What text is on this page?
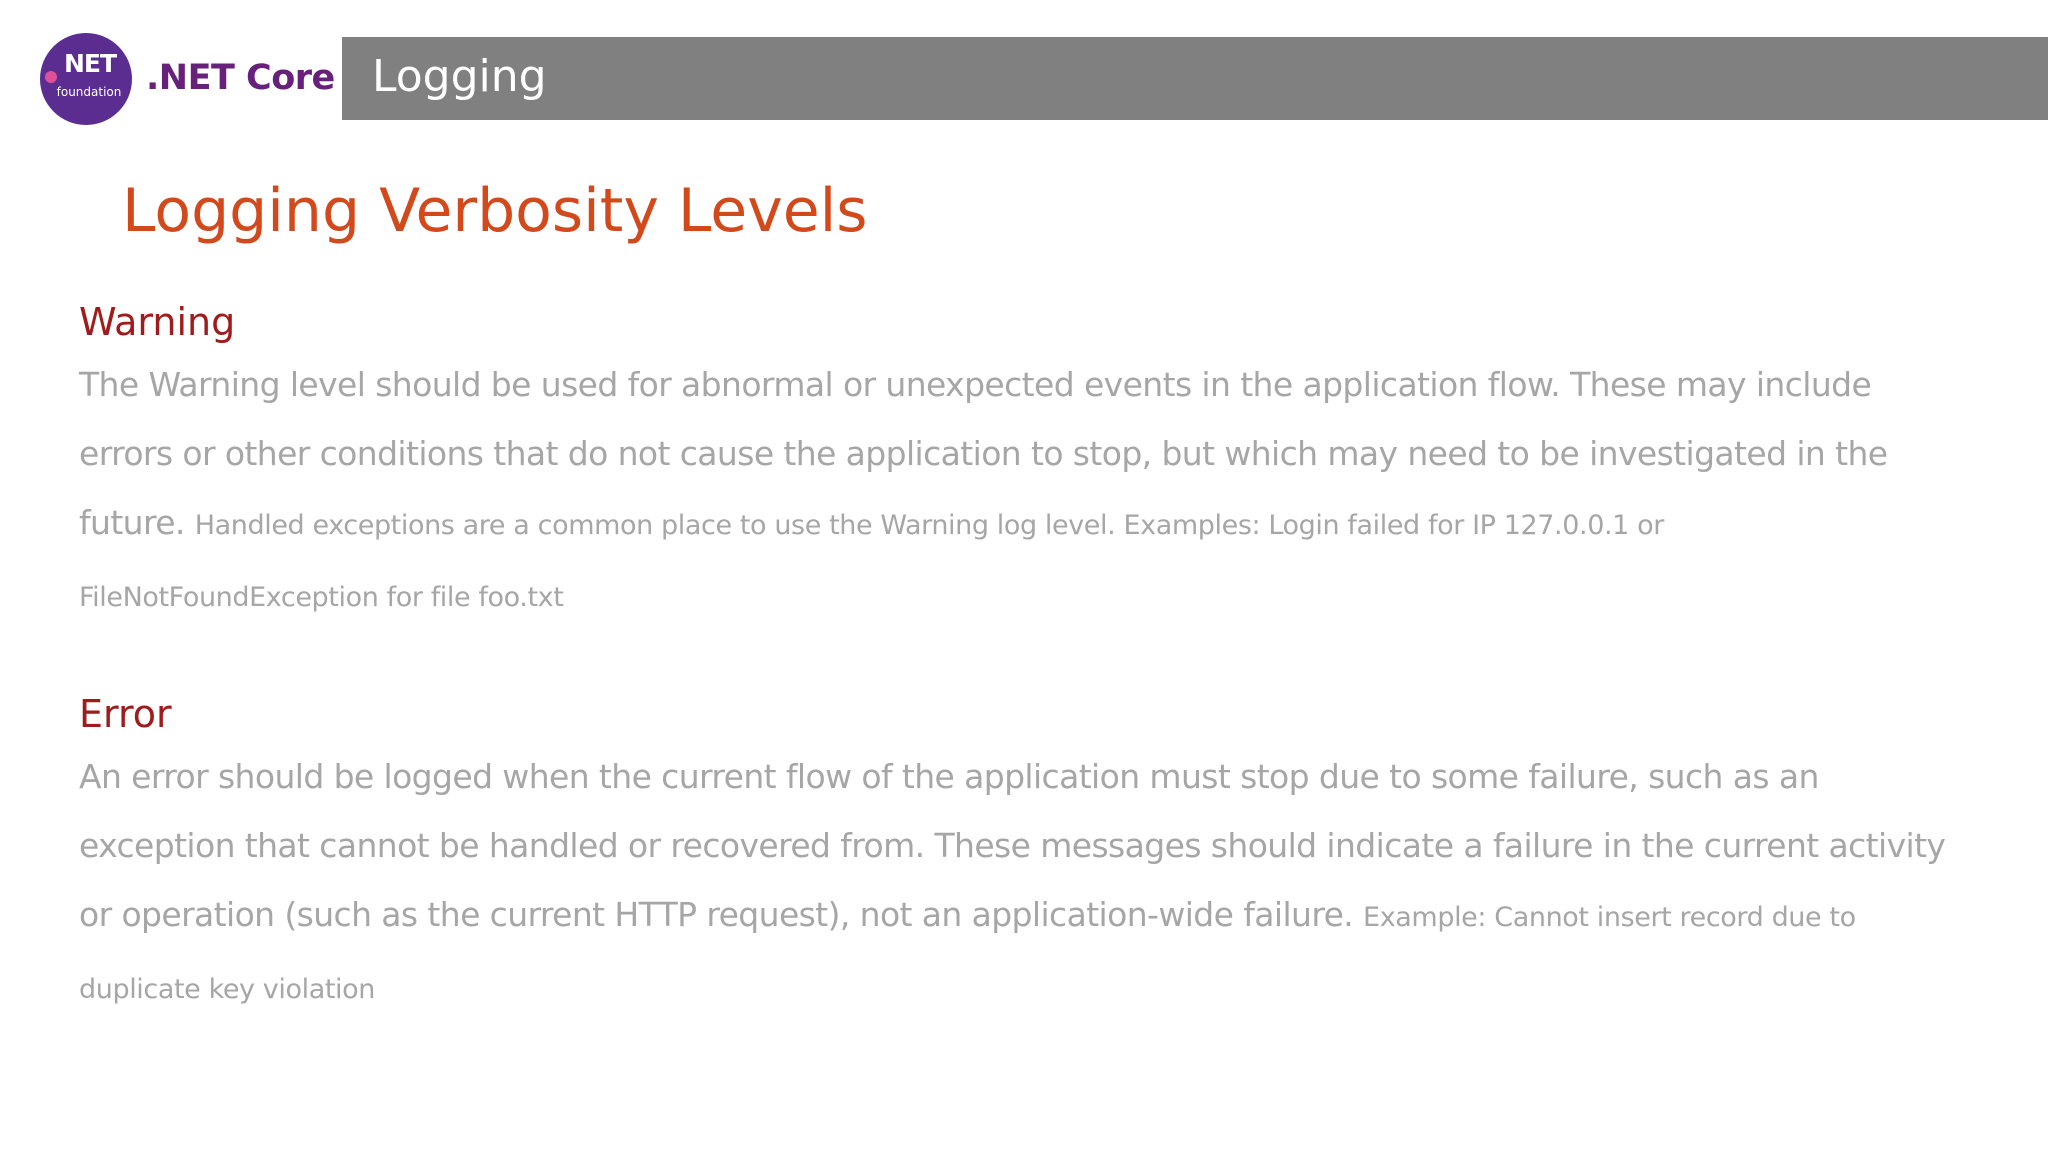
NET
foundation .NET Core Logging
Logging Verbosity Levels
Warning

The Warning level should be used for abnormal or unexpected events in the application flow. These may include errors or other conditions that do not cause the application to stop, but which may need to be investigated in the future. Handled exceptions are a common place to use the Warning log level. Examples: Login failed for IP 127.0.0.1 or FileNotFoundException for file foo.txt

Error

An error should be logged when the current flow of the application must stop due to some failure, such as an exception that cannot be handled or recovered from. These messages should indicate a failure in the current activity or operation (such as the current HTTP request), not an application-wide failure. Example: Cannot insert record due to duplicate key violation
